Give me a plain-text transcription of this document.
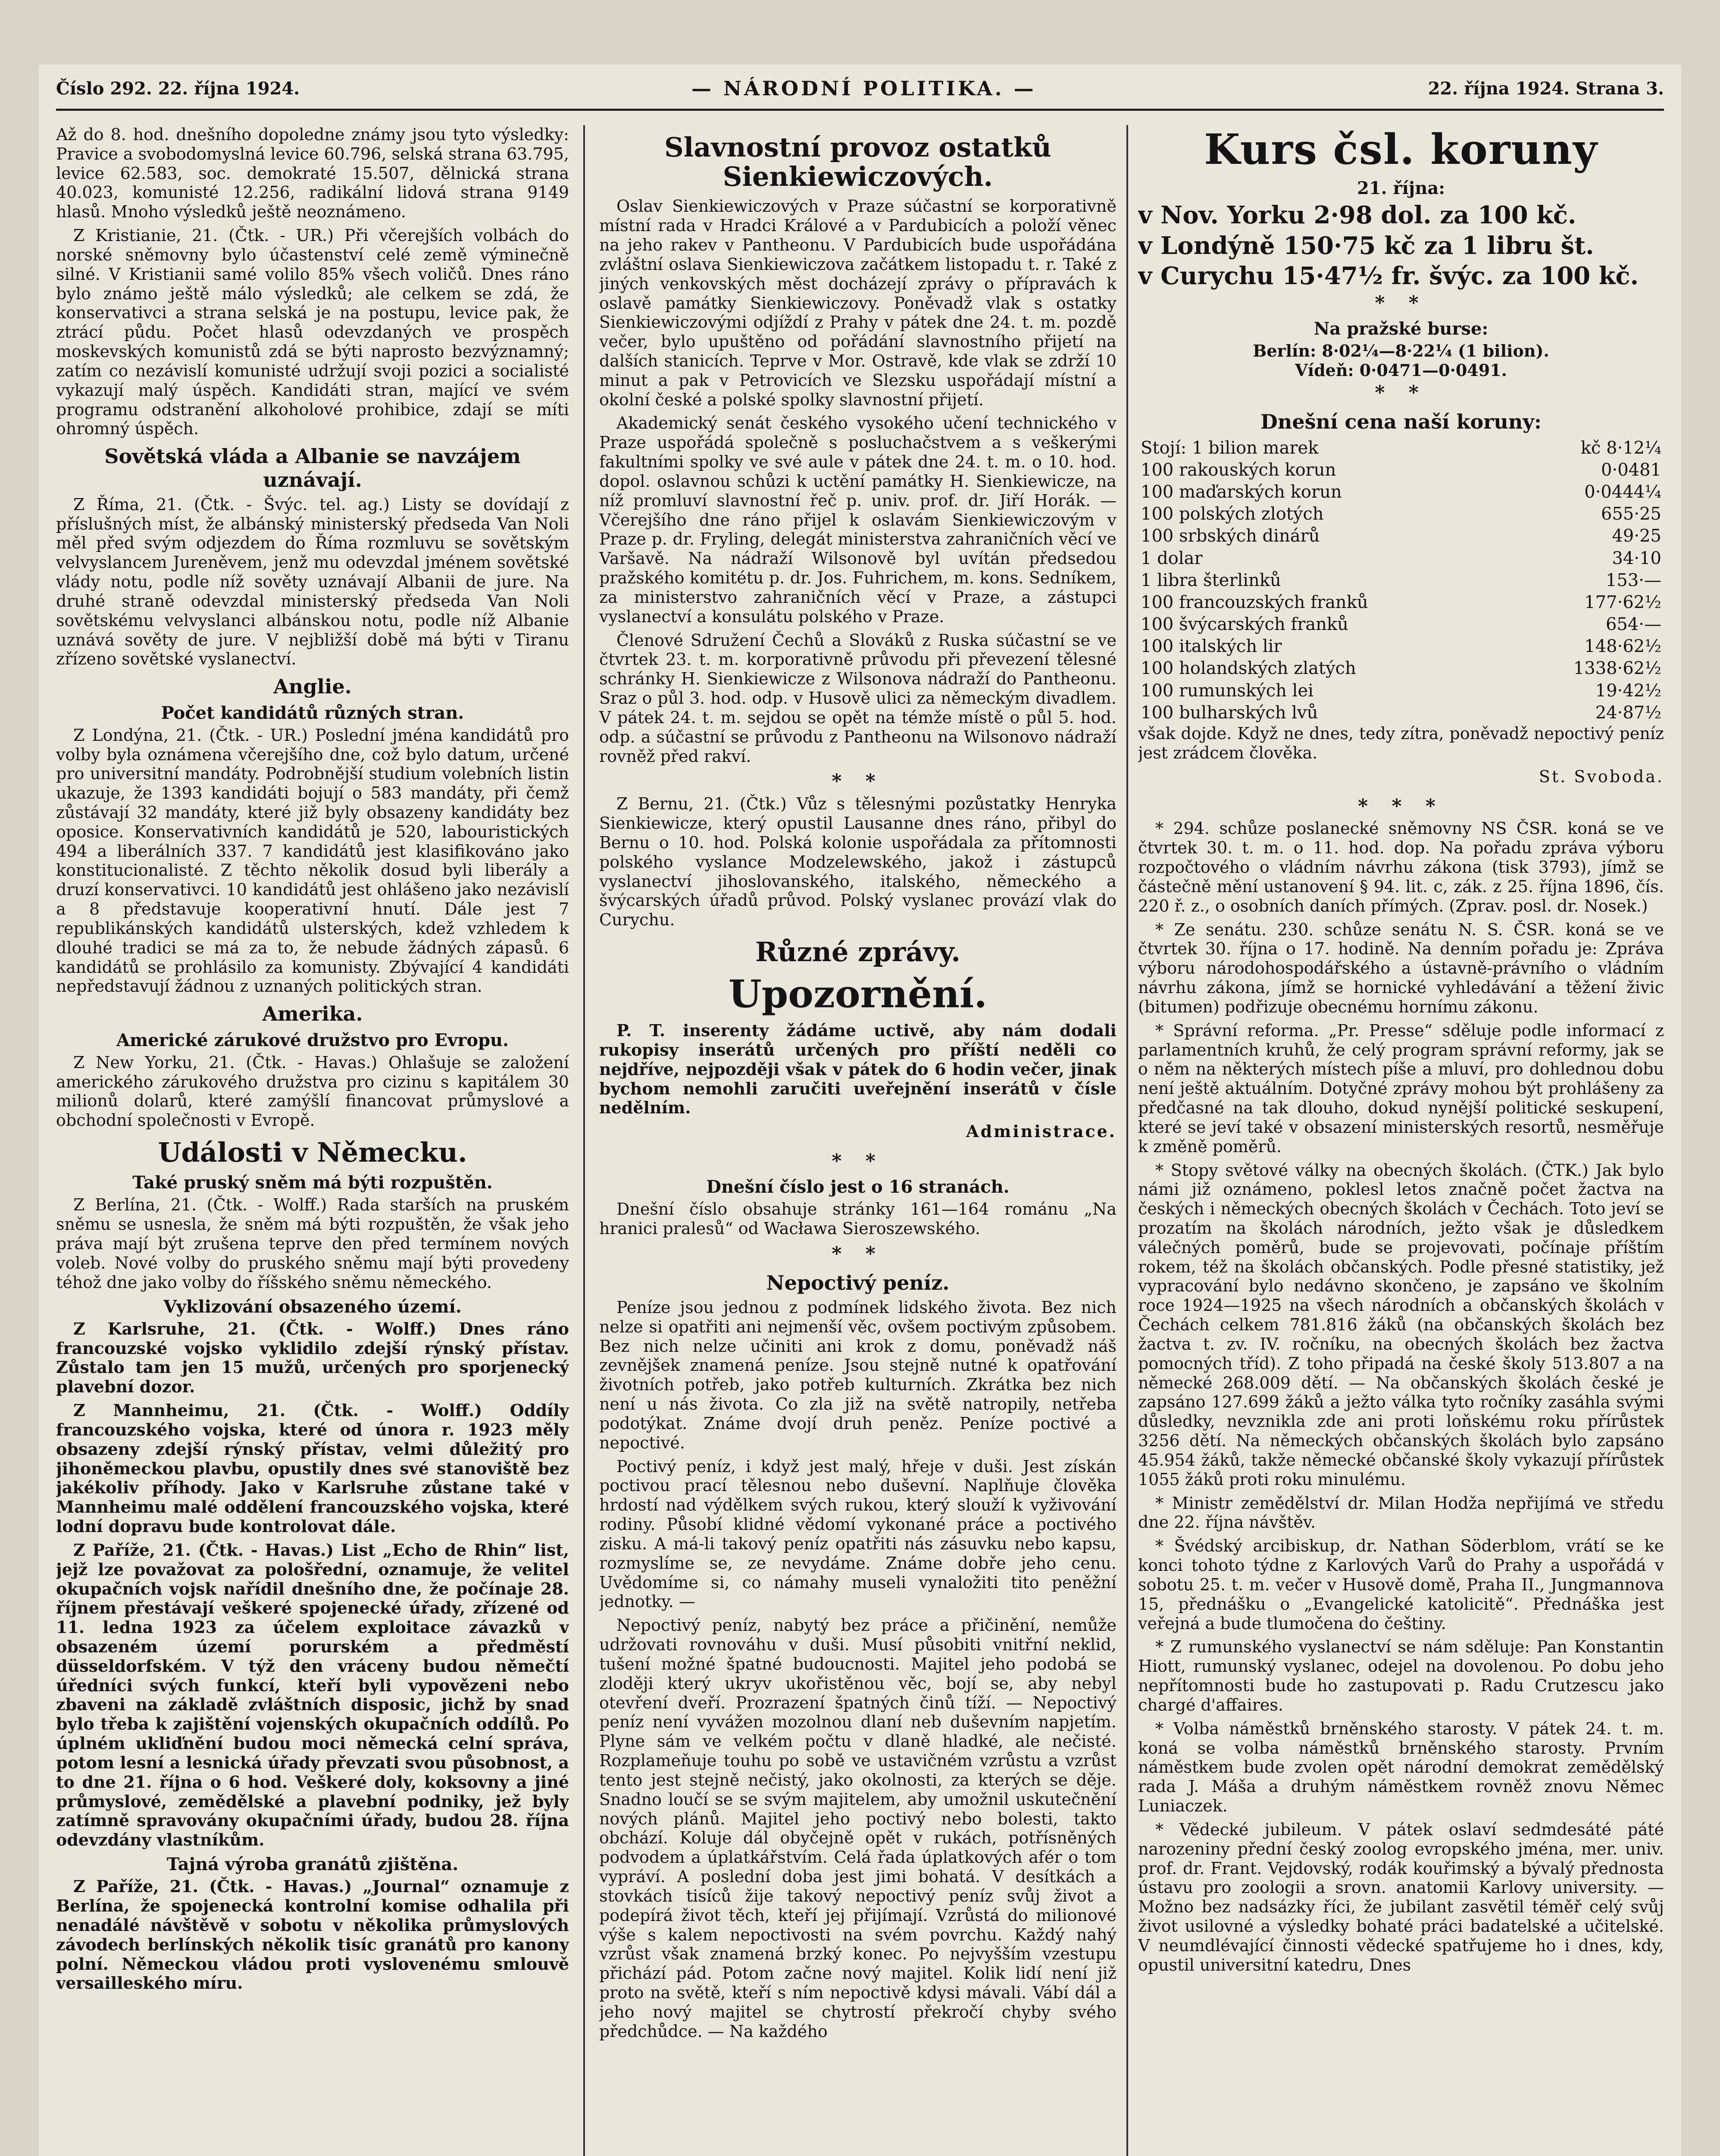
Číslo 292. 22. října 1924.	— NÁRODNÍ POLITIKA. —	22. října 1924. Strana 3.

Až do 8. hod. dnešního dopoledne známy jsou tyto výsledky: Pravice a svobodomyslná levice 60.796, selská strana 63.795, levice 62.583, soc. demokraté 15.507, dělnická strana 40.023, komunisté 12.256, radikální lidová strana 9149 hlasů. Mnoho výsledků ještě neoznámeno.

Z Kristianie, 21. (Čtk. - UR.) Při včerejších volbách do norské sněmovny bylo účastenství celé země výminečně silné. V Kristianii samé volilo 85% všech voličů. Dnes ráno bylo známo ještě málo výsledků; ale celkem se zdá, že konservativci a strana selská je na postupu, levice pak, že ztrácí půdu. Počet hlasů odevzdaných ve prospěch moskevských komunistů zdá se býti naprosto bezvýznamný; zatím co nezávislí komunisté udržují svoji pozici a socialisté vykazují malý úspěch. Kandidáti stran, mající ve svém programu odstranění alkoholové prohibice, zdají se míti ohromný úspěch.

Sovětská vláda a Albanie se navzájem uznávají.

Z Říma, 21. (Čtk. - Švýc. tel. ag.) Listy se dovídají z příslušných míst, že albánský ministerský předseda Van Noli měl před svým odjezdem do Říma rozmluvu se sovětským velvyslancem Jureněvem, jenž mu odevzdal jménem sovětské vlády notu, podle níž sověty uznávají Albanii de jure. Na druhé straně odevzdal ministerský předseda Van Noli sovětskému velvyslanci albánskou notu, podle níž Albanie uznává sověty de jure. V nejbližší době má býti v Tiranu zřízeno sovětské vyslanectví.

Anglie.
Počet kandidátů různých stran.

Z Londýna, 21. (Čtk. - UR.) Poslední jména kandidátů pro volby byla oznámena včerejšího dne, což bylo datum, určené pro universitní mandáty. Podrobnější studium volebních listin ukazuje, že 1393 kandidáti bojují o 583 mandáty, při čemž zůstávají 32 mandáty, které již byly obsazeny kandidáty bez oposice. Konservativních kandidátů je 520, labouristických 494 a liberálních 337. 7 kandidátů jest klasifikováno jako konstitucionalisté. Z těchto několik dosud byli liberály a druzí konservativci. 10 kandidátů jest ohlášeno jako nezávislí a 8 představuje kooperativní hnutí. Dále jest 7 republikánských kandidátů ulsterských, kdež vzhledem k dlouhé tradici se má za to, že nebude žádných zápasů. 6 kandidátů se prohlásilo za komunisty. Zbývající 4 kandidáti nepředstavují žádnou z uznaných politických stran.

Amerika.
Americké zárukové družstvo pro Evropu.

Z New Yorku, 21. (Čtk. - Havas.) Ohlašuje se založení amerického zárukového družstva pro cizinu s kapitálem 30 milionů dolarů, které zamýšlí financovat průmyslové a obchodní společnosti v Evropě.

Události v Německu.
Také pruský sněm má býti rozpuštěn.

Z Berlína, 21. (Čtk. - Wolff.) Rada starších na pruském sněmu se usnesla, že sněm má býti rozpuštěn, že však jeho práva mají být zrušena teprve den před termínem nových voleb. Nové volby do pruského sněmu mají býti provedeny téhož dne jako volby do říšského sněmu německého.

Vyklizování obsazeného území.

Z Karlsruhe, 21. (Čtk. - Wolff.) Dnes ráno francouzské vojsko vyklidilo zdejší rýnský přístav. Zůstalo tam jen 15 mužů, určených pro sporjenecký plavební dozor.

Z Mannheimu, 21. (Čtk. - Wolff.) Oddíly francouzského vojska, které od února r. 1923 měly obsazeny zdejší rýnský přístav, velmi důležitý pro jihoněmeckou plavbu, opustily dnes své stanoviště bez jakékoliv příhody. Jako v Karlsruhe zůstane také v Mannheimu malé oddělení francouzského vojska, které lodní dopravu bude kontrolovat dále.

Z Paříže, 21. (Čtk. - Havas.) List „Echo de Rhin“ list, jejž lze považovat za pološřední, oznamuje, že velitel okupačních vojsk nařídil dnešního dne, že počínaje 28. říjnem přestávají veškeré spojenecké úřady, zřízené od 11. ledna 1923 za účelem exploitace závazků v obsazeném území porurském a předměstí düsseldorfském. V týž den vráceny budou němečtí úředníci svých funkcí, kteří byli vypovězeni nebo zbaveni na základě zvláštních disposic, jichž by snad bylo třeba k zajištění vojenských okupačních oddílů. Po úplném ukliďnění budou moci německá celní správa, potom lesní a lesnická úřady převzati svou působnost, a to dne 21. října o 6 hod. Veškeré doly, koksovny a jiné průmyslové, zemědělské a plavební podniky, jež byly zatímně spravovány okupačními úřady, budou 28. října odevzdány vlastníkům.

Tajná výroba granátů zjištěna.

Z Paříže, 21. (Čtk. - Havas.) „Journal“ oznamuje z Berlína, že spojenecká kontrolní komise odhalila při nenadálé návštěvě v sobotu v několika průmyslových závodech berlínských několik tisíc granátů pro kanony polní. Německou vládou proti vyslovenému smlouvě versailleského míru.

Slavnostní provoz ostatků Sienkiewiczových.

Oslav Sienkiewiczových v Praze súčastní se korporativně místní rada v Hradci Králové a v Pardubicích a položí věnec na jeho rakev v Pantheonu. V Pardubicích bude uspořádána zvláštní oslava Sienkiewiczova začátkem listopadu t. r. Také z jiných venkovských měst docházejí zprávy o přípravách k oslavě památky Sienkiewiczovy. Poněvadž vlak s ostatky Sienkiewiczovými odjíždí z Prahy v pátek dne 24. t. m. pozdě večer, bylo upuštěno od pořádání slavnostního přijetí na dalších stanicích. Teprve v Mor. Ostravě, kde vlak se zdrží 10 minut a pak v Petrovicích ve Slezsku uspořádají místní a okolní české a polské spolky slavnostní přijetí.

Akademický senát českého vysokého učení technického v Praze uspořádá společně s posluchačstvem a s veškerými fakultními spolky ve své aule v pátek dne 24. t. m. o 10. hod. dopol. oslavnou schůzi k uctění památky H. Sienkiewicze, na níž promluví slavnostní řeč p. univ. prof. dr. Jiří Horák. — Včerejšího dne ráno přijel k oslavám Sienkiewiczovým v Praze p. dr. Fryling, delegát ministerstva zahraničních věcí ve Varšavě. Na nádraží Wilsonově byl uvítán předsedou pražského komitétu p. dr. Jos. Fuhrichem, m. kons. Sedníkem, za ministerstvo zahraničních věcí v Praze, a zástupci vyslanectví a konsulátu polského v Praze.

Členové Sdružení Čechů a Slováků z Ruska súčastní se ve čtvrtek 23. t. m. korporativně průvodu při převezení tělesné schránky H. Sienkiewicze z Wilsonova nádraží do Pantheonu. Sraz o půl 3. hod. odp. v Husově ulici za německým divadlem. V pátek 24. t. m. sejdou se opět na témže místě o půl 5. hod. odp. a súčastní se průvodu z Pantheonu na Wilsonovo nádraží rovněž před rakví.

* *

Z Bernu, 21. (Čtk.) Vůz s tělesnými pozůstatky Henryka Sienkiewicze, který opustil Lausanne dnes ráno, přibyl do Bernu o 10. hod. Polská kolonie uspořádala za přítomnosti polského vyslance Modzelewského, jakož i zástupců vyslanectví jihoslovanského, italského, německého a švýcarských úřadů průvod. Polský vyslanec provází vlak do Curychu.

Různé zprávy.
Upozornění.

P. T. inserenty žádáme uctivě, aby nám dodali rukopisy inserátů určených pro příští neděli co nejdříve, nejpozději však v pátek do 6 hodin večer, jinak bychom nemohli zaručiti uveřejnění inserátů v čísle nedělním.

Administrace.
* *
Dnešní číslo jest o 16 stranách.

Dnešní číslo obsahuje stránky 161—164 románu „Na hranici pralesů“ od Wacława Sieroszewského.

* *
Nepoctivý peníz.

Peníze jsou jednou z podmínek lidského života. Bez nich nelze si opatřiti ani nejmenší věc, ovšem poctivým způsobem. Bez nich nelze učiniti ani krok z domu, poněvadž náš zevnějšek znamená peníze. Jsou stejně nutné k opatřování životních potřeb, jako potřeb kulturních. Zkrátka bez nich není u nás života. Co zla již na světě natropily, netřeba podotýkat. Známe dvojí druh peněz. Peníze poctivé a nepoctivé.

Poctivý peníz, i když jest malý, hřeje v duši. Jest získán poctivou prací tělesnou nebo duševní. Naplňuje člověka hrdostí nad výdělkem svých rukou, který slouží k vyživování rodiny. Působí klidné vědomí vykonané práce a poctivého zisku. A má-li takový peníz opatřiti nás zásuvku nebo kapsu, rozmyslíme se, ze nevydáme. Známe dobře jeho cenu. Uvědomíme si, co námahy museli vynaložiti tito peněžní jednotky. —

Nepoctivý peníz, nabytý bez práce a přičinění, nemůže udržovati rovnováhu v duši. Musí působiti vnitřní neklid, tušení možné špatné budoucnosti. Majitel jeho podobá se zloději který ukryv ukořistěnou věc, bojí se, aby nebyl otevření dveří. Prozrazení špatných činů tíží. — Nepoctivý peníz není vyvážen mozolnou dlaní neb duševním napjetím. Plyne sám ve velkém počtu v dlaně hladké, ale nečisté. Rozplameňuje touhu po sobě ve ustavičném vzrůstu a vzrůst tento jest stejně nečistý, jako okolnosti, za kterých se děje. Snadno loučí se se svým majitelem, aby umožnil uskutečnění nových plánů. Majitel jeho poctivý nebo bolesti, takto obchází. Koluje dál obyčejně opět v rukách, potřísněných podvodem a úplatkářstvím. Celá řada úplatkových afér o tom vypráví. A poslední doba jest jimi bohatá. V desítkách a stovkách tisíců žije takový nepoctivý peníz svůj život a podepírá život těch, kteří jej přijímají. Vzrůstá do milionové výše s kalem nepoctivosti na svém povrchu. Každý nahý vzrůst však znamená brzký konec. Po nejvyšším vzestupu přichází pád. Potom začne nový majitel. Kolik lidí není již proto na světě, kteří s ním nepoctivě kdysi mávali. Vábí dál a jeho nový majitel se chytrostí překročí chyby svého předchůdce. — Na každého

Kurs čsl. koruny
21. října:
v Nov. Yorku 2·98 dol. za 100 kč.
v Londýně 150·75 kč za 1 libru št.
v Curychu 15·47½ fr. švýc. za 100 kč.
* *
Na pražské burse:
Berlín: 8·02¼—8·22¼ (1 bilion).
Vídeň: 0·0471—0·0491.
* *
Dnešní cena naší koruny:
Stojí: 1 bilion marek	kč 8·12¼
100 rakouských korun	0·0481
100 maďarských korun	0·0444¼
100 polských zlotých	655·25
100 srbských dinárů	49·25
1 dolar	34·10
1 libra šterlinků	153·—
100 francouzských franků	177·62½
100 švýcarských franků	654·—
100 italských lir	148·62½
100 holandských zlatých	1338·62½
100 rumunských lei	19·42½
100 bulharských lvů	24·87½

však dojde. Když ne dnes, tedy zítra, poněvadž nepoctivý peníz jest zrádcem člověka.

St. Svoboda.
* * *

* 294. schůze poslanecké sněmovny NS ČSR. koná se ve čtvrtek 30. t. m. o 11. hod. dop. Na pořadu zpráva výboru rozpočtového o vládním návrhu zákona (tisk 3793), jímž se částečně mění ustanovení § 94. lit. c, zák. z 25. října 1896, čís. 220 ř. z., o osobních daních přímých. (Zprav. posl. dr. Nosek.)

* Ze senátu. 230. schůze senátu N. S. ČSR. koná se ve čtvrtek 30. října o 17. hodině. Na denním pořadu je: Zpráva výboru národohospodářského a ústavně-právního o vládním návrhu zákona, jímž se hornické vyhledávání a těžení živic (bitumen) podřizuje obecnému hornímu zákonu.

* Správní reforma. „Pr. Presse“ sděluje podle informací z parlamentních kruhů, že celý program správní reformy, jak se o něm na některých místech píše a mluví, pro dohlednou dobu není ještě aktuálním. Dotyčné zprávy mohou být prohlášeny za předčasné na tak dlouho, dokud nynější politické seskupení, které se jeví také v obsazení ministerských resortů, nesměřuje k změně poměrů.

* Stopy světové války na obecných školách. (ČTK.) Jak bylo námi již oznámeno, poklesl letos značně počet žactva na českých i německých obecných školách v Čechách. Toto jeví se prozatím na školách národních, ježto však je důsledkem válečných poměrů, bude se projevovati, počínaje příštím rokem, též na školách občanských. Podle přesné statistiky, jež vypracování bylo nedávno skončeno, je zapsáno ve školním roce 1924—1925 na všech národních a občanských školách v Čechách celkem 781.816 žáků (na občanských školách bez žactva t. zv. IV. ročníku, na obecných školách bez žactva pomocných tříd). Z toho připadá na české školy 513.807 a na německé 268.009 dětí. — Na občanských školách české je zapsáno 127.699 žáků a ježto válka tyto ročníky zasáhla svými důsledky, nevznikla zde ani proti loňskému roku přírůstek 3256 dětí. Na německých občanských školách bylo zapsáno 45.954 žáků, takže německé občanské školy vykazují přírůstek 1055 žáků proti roku minulému.

* Ministr zemědělství dr. Milan Hodža nepřijímá ve středu dne 22. října návštěv.

* Švédský arcibiskup, dr. Nathan Söderblom, vrátí se ke konci tohoto týdne z Karlových Varů do Prahy a uspořádá v sobotu 25. t. m. večer v Husově domě, Praha II., Jungmannova 15, přednášku o „Evangelické katolicitě“. Přednáška jest veřejná a bude tlumočena do češtiny.

* Z rumunského vyslanectví se nám sděluje: Pan Konstantin Hiott, rumunský vyslanec, odejel na dovolenou. Po dobu jeho nepřítomnosti bude ho zastupovati p. Radu Crutzescu jako chargé d'affaires.

* Volba náměstků brněnského starosty. V pátek 24. t. m. koná se volba náměstků brněnského starosty. Prvním náměstkem bude zvolen opět národní demokrat zemědělský rada J. Máša a druhým náměstkem rovněž znovu Němec Luniaczek.

* Vědecké jubileum. V pátek oslaví sedmdesáté páté narozeniny přední český zoolog evropského jména, mer. univ. prof. dr. Frant. Vejdovský, rodák kouřimský a bývalý přednosta ústavu pro zoologii a srovn. anatomii Karlovy university. — Možno bez nadsázky říci, že jubilant zasvětil téměř celý svůj život usilovné a výsledky bohaté práci badatelské a učitelské. V neumdlévající činnosti vědecké spatřujeme ho i dnes, kdy, opustil universitní katedru, Dnes
